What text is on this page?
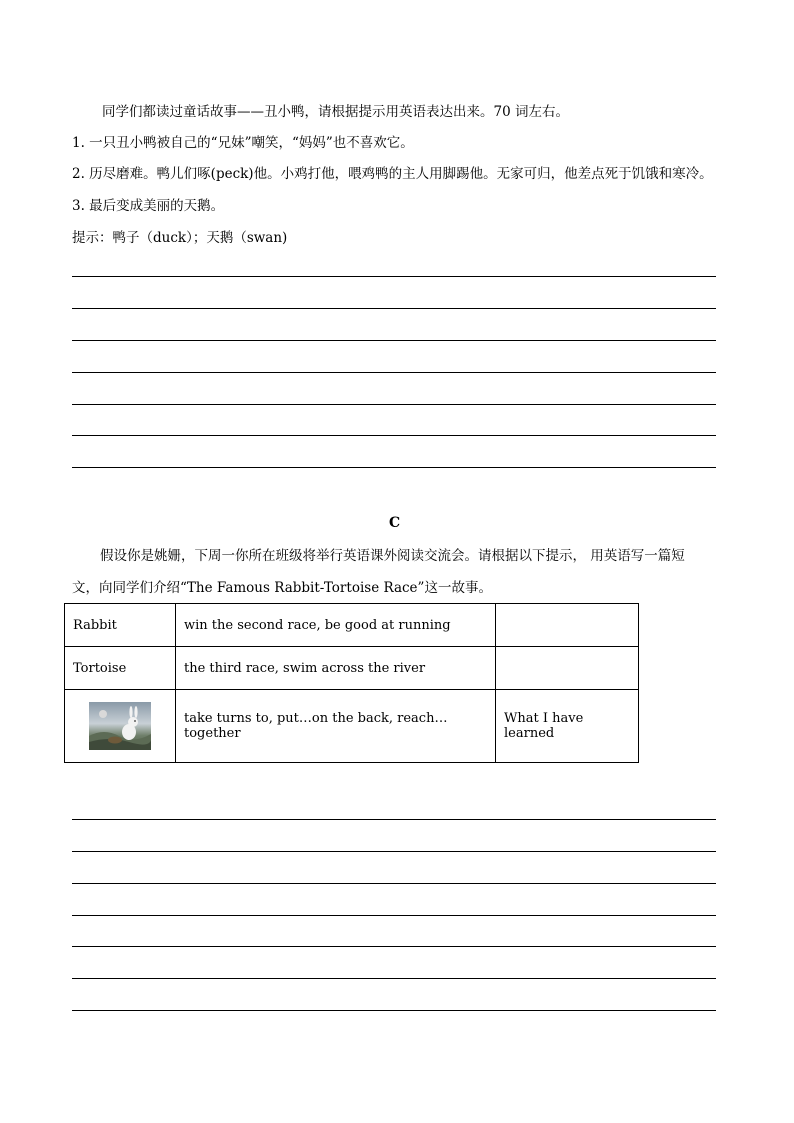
同学们都读过童话故事——丑小鸭，请根据提示用英语表达出来。70 词左右。
1. 一只丑小鸭被自己的“兄妹”嘲笑，“妈妈”也不喜欢它。
2. 历尽磨难。鸭儿们啄(peck)他。小鸡打他，喂鸡鸭的主人用脚踢他。无家可归，他差点死于饥饿和寒冷。
3. 最后变成美丽的天鹅。
提示：鸭子（duck）；天鹅（swan)
C
假设你是姚姗，下周一你所在班级将举行英语课外阅读交流会。请根据以下提示， 用英语写一篇短
文，向同学们介绍“The Famous Rabbit-Tortoise Race”这一故事。
Rabbit	win the second race, be good at running	
Tortoise	the third race, swim across the river	

	take turns to, put…on the back, reach…together	What I have learned
